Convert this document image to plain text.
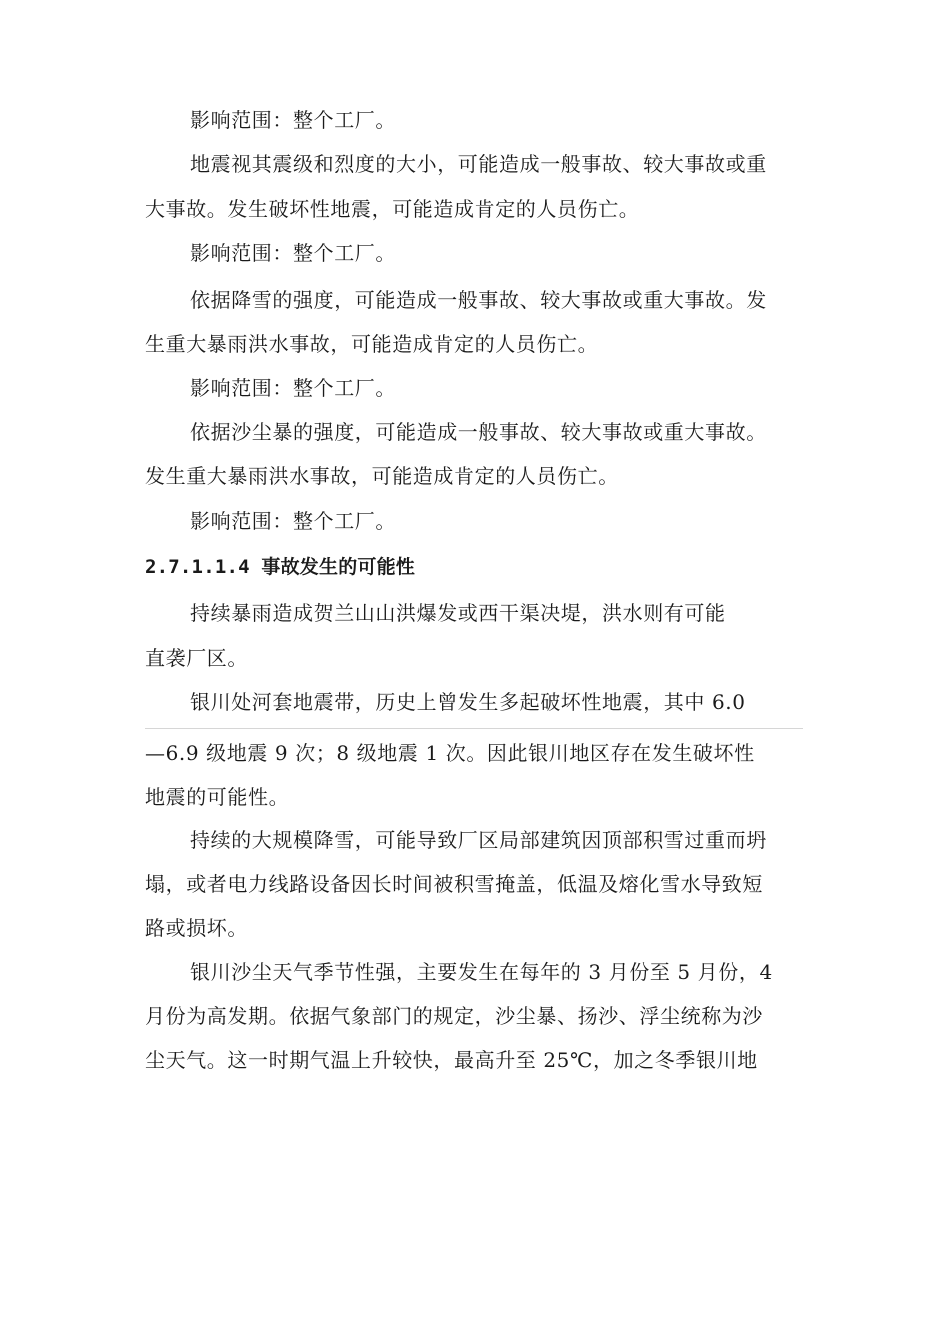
影响范围：整个工厂。
地震视其震级和烈度的大小，可能造成一般事故、较大事故或重
大事故。发生破坏性地震，可能造成肯定的人员伤亡。
影响范围：整个工厂。
依据降雪的强度，可能造成一般事故、较大事故或重大事故。发
生重大暴雨洪水事故，可能造成肯定的人员伤亡。
影响范围：整个工厂。
依据沙尘暴的强度，可能造成一般事故、较大事故或重大事故。
发生重大暴雨洪水事故，可能造成肯定的人员伤亡。
影响范围：整个工厂。
2.7.1.1.4 事故发生的可能性
持续暴雨造成贺兰山山洪爆发或西干渠决堤，洪水则有可能
直袭厂区。
银川处河套地震带，历史上曾发生多起破坏性地震，其中 6.0
—6.9 级地震 9 次；8 级地震 1 次。因此银川地区存在发生破坏性
地震的可能性。
持续的大规模降雪，可能导致厂区局部建筑因顶部积雪过重而坍
塌，或者电力线路设备因长时间被积雪掩盖，低温及熔化雪水导致短
路或损坏。
银川沙尘天气季节性强，主要发生在每年的 3 月份至 5 月份，4
月份为高发期。依据气象部门的规定，沙尘暴、扬沙、浮尘统称为沙
尘天气。这一时期气温上升较快，最高升至 25℃，加之冬季银川地
